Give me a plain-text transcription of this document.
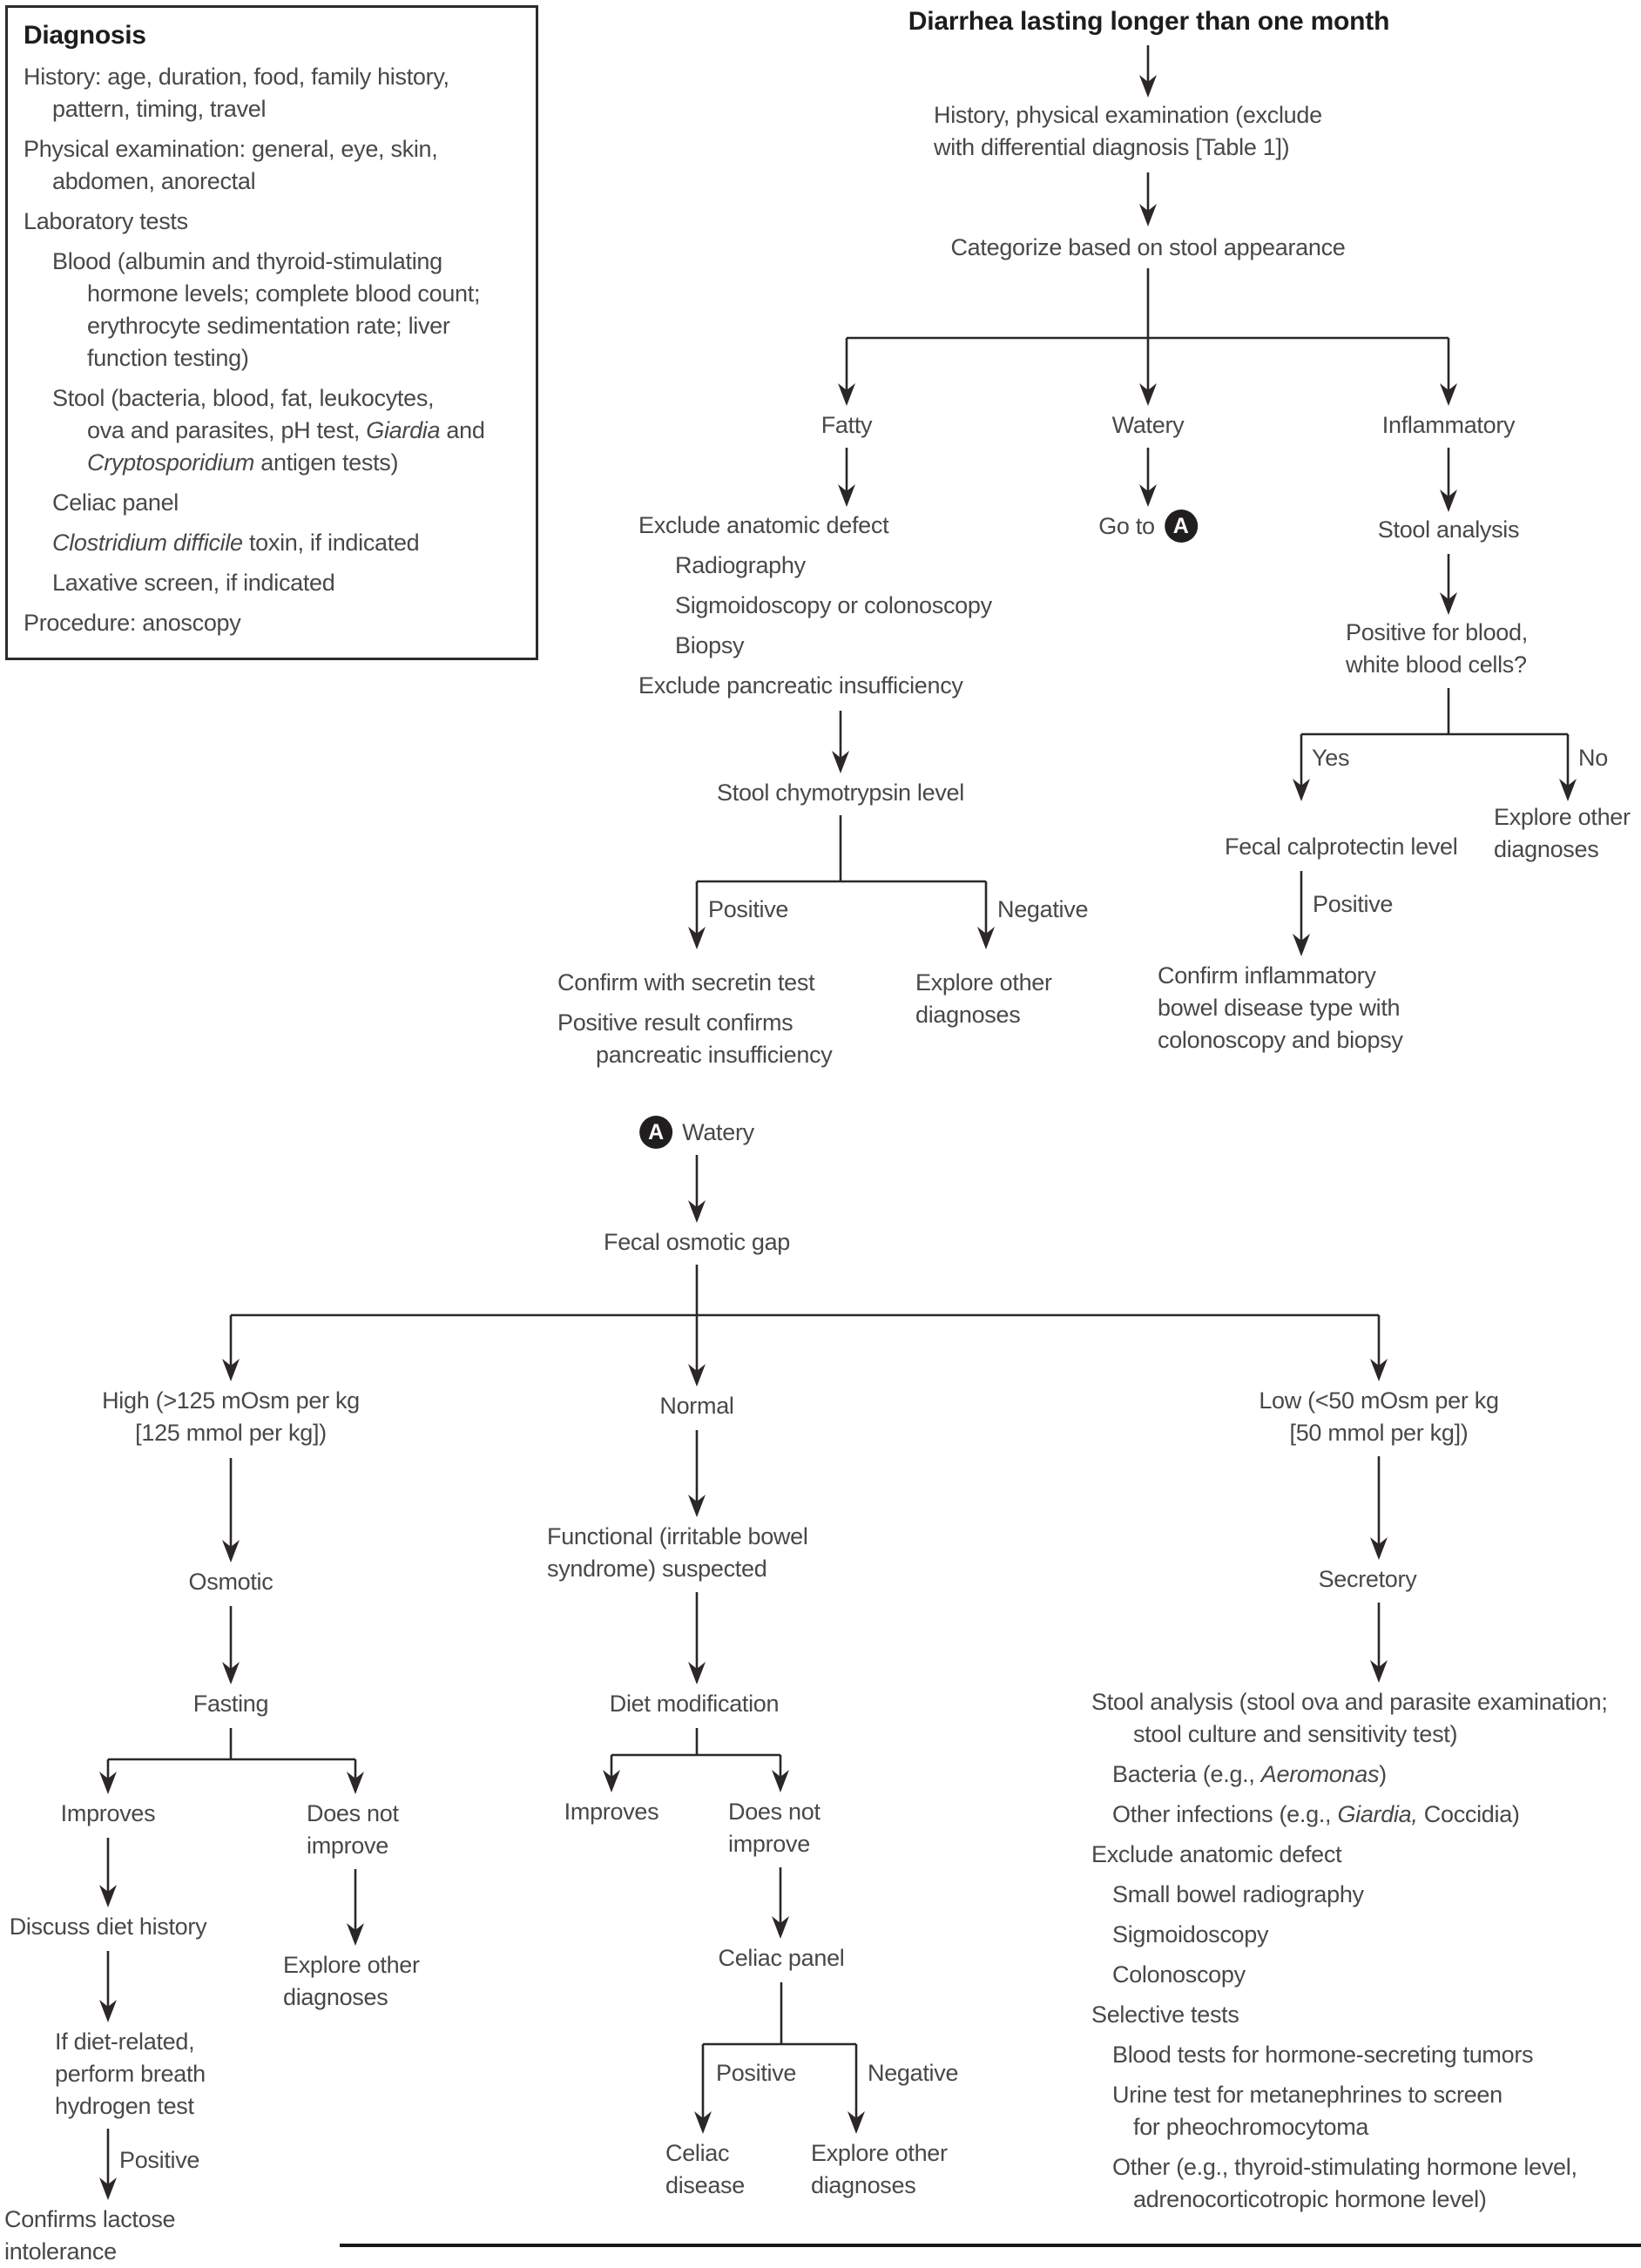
Diagnosis
History: age, duration, food, family history,
pattern, timing, travel
Physical examination: general, eye, skin,
abdomen, anorectal
Laboratory tests
Blood (albumin and thyroid-stimulating
hormone levels; complete blood count;
erythrocyte sedimentation rate; liver
function testing)
Stool (bacteria, blood, fat, leukocytes,
ova and parasites, pH test, Giardia and
Cryptosporidium antigen tests)
Celiac panel
Clostridium difficile toxin, if indicated
Laxative screen, if indicated
Procedure: anoscopy
Diarrhea lasting longer than one month
History, physical examination (exclude
with differential diagnosis [Table 1])
Categorize based on stool appearance
Fatty	Watery	Inflammatory
Exclude anatomic defect
Radiography
Sigmoidoscopy or colonoscopy
Biopsy
Exclude pancreatic insufficiency
Go to A	Stool analysis
Positive for blood,
white blood cells?
Stool chymotrypsin level
Positive	Negative
Confirm with secretin test
Positive result confirms
pancreatic insufficiency
Explore other
diagnoses
Yes	No
Fecal calprotectin level
Positive
Confirm inflammatory
bowel disease type with
colonoscopy and biopsy
Explore other
diagnoses
A Watery
Fecal osmotic gap
High (>125 mOsm per kg
[125 mmol per kg])
Normal	Low (<50 mOsm per kg
[50 mmol per kg])
Osmotic
Fasting
Improves	Does not
improve
Discuss diet history
If diet-related,
perform breath
hydrogen test
Positive
Confirms lactose
intolerance
Explore other
diagnoses
Functional (irritable bowel
syndrome) suspected
Diet modification
Improves	Does not
improve
Celiac panel
Positive	Negative
Celiac
disease
Explore other
diagnoses
Secretory
Stool analysis (stool ova and parasite examination;
stool culture and sensitivity test)
Bacteria (e.g., Aeromonas)
Other infections (e.g., Giardia, Coccidia)
Exclude anatomic defect
Small bowel radiography
Sigmoidoscopy
Colonoscopy
Selective tests
Blood tests for hormone-secreting tumors
Urine test for metanephrines to screen
for pheochromocytoma
Other (e.g., thyroid-stimulating hormone level,
adrenocorticotropic hormone level)
